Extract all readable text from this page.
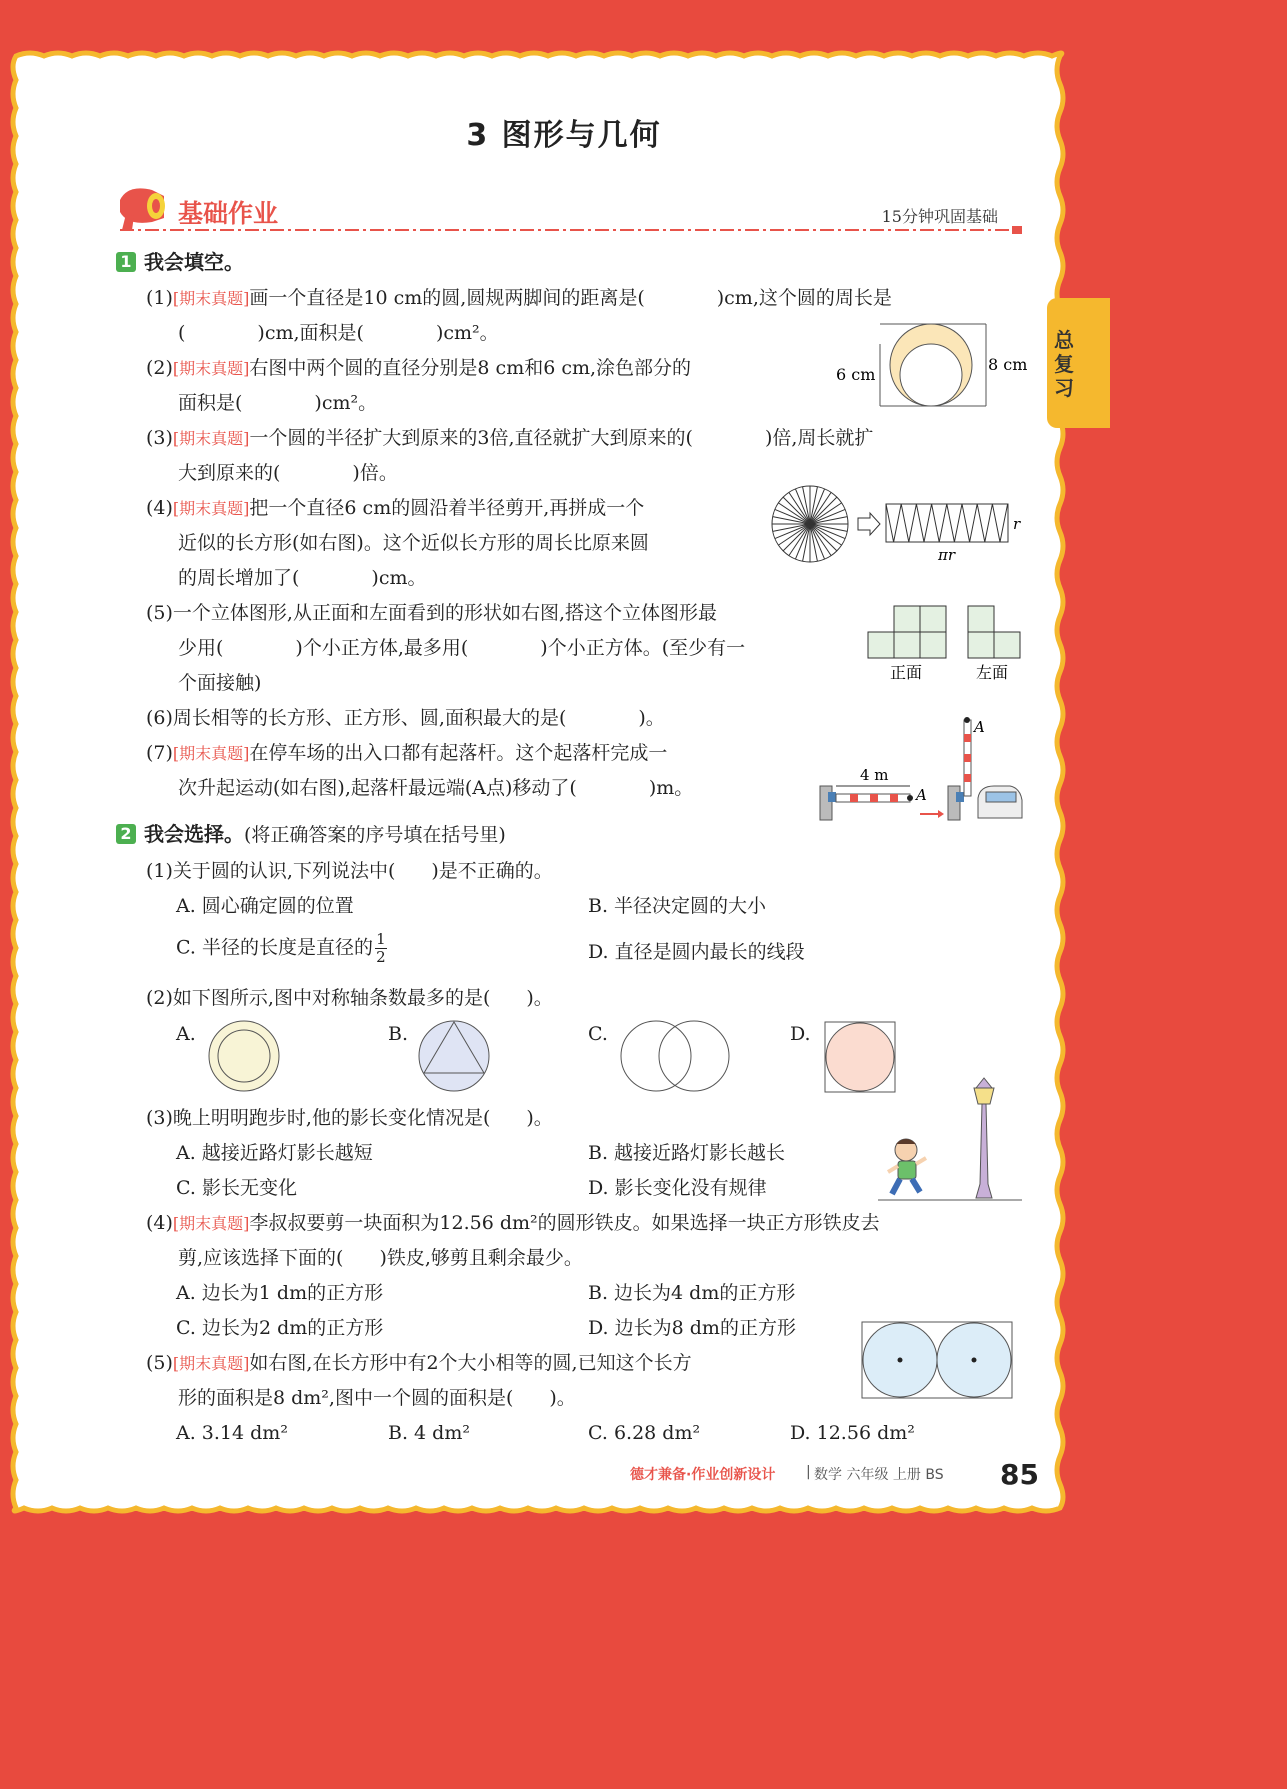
总复习
3 图形与几何
基础作业	15分钟巩固基础
1 我会填空。
(1)[期末真题]画一个直径是10 cm的圆,圆规两脚间的距离是(	)cm,这个圆的周长是
(	)cm,面积是(	)cm²。
(2)[期末真题]右图中两个圆的直径分别是8 cm和6 cm,涂色部分的
面积是(	)cm²。
6 cm
8 cm
(3)[期末真题]一个圆的半径扩大到原来的3倍,直径就扩大到原来的(	)倍,周长就扩
大到原来的(	)倍。
(4)[期末真题]把一个直径6 cm的圆沿着半径剪开,再拼成一个
近似的长方形(如右图)。这个近似长方形的周长比原来圆
的周长增加了(	)cm。
r
πr
(5)一个立体图形,从正面和左面看到的形状如右图,搭这个立体图形最
少用(	)个小正方体,最多用(	)个小正方体。(至少有一
个面接触)	正面	左面
(6)周长相等的长方形、正方形、圆,面积最大的是(	)。
(7)[期末真题]在停车场的出入口都有起落杆。这个起落杆完成一
次升起运动(如右图),起落杆最远端(A点)移动了(	)m。
4 m
A
A
2 我会选择。(将正确答案的序号填在括号里)
(1)关于圆的认识,下列说法中( )是不正确的。
A. 圆心确定圆的位置	B. 半径决定圆的大小
C. 半径的长度是直径的 $\frac{1}{2}$	D. 直径是圆内最长的线段
(2)如下图所示,图中对称轴条数最多的是( )。
A.	B.	C.	D.
(3)晚上明明跑步时,他的影长变化情况是( )。
A. 越接近路灯影长越短	B. 越接近路灯影长越长
C. 影长无变化	D. 影长变化没有规律
(4)[期末真题]李叔叔要剪一块面积为12.56 dm²的圆形铁皮。如果选择一块正方形铁皮去
剪,应该选择下面的( )铁皮,够剪且剩余最少。
A. 边长为1 dm的正方形	B. 边长为4 dm的正方形
C. 边长为2 dm的正方形	D. 边长为8 dm的正方形
(5)[期末真题]如右图,在长方形中有2个大小相等的圆,已知这个长方
形的面积是8 dm²,图中一个圆的面积是( )。
A. 3.14 dm²	B. 4 dm²	C. 6.28 dm²	D. 12.56 dm²
德才兼备·作业创新设计 | 数学 六年级 上册 BS 85
